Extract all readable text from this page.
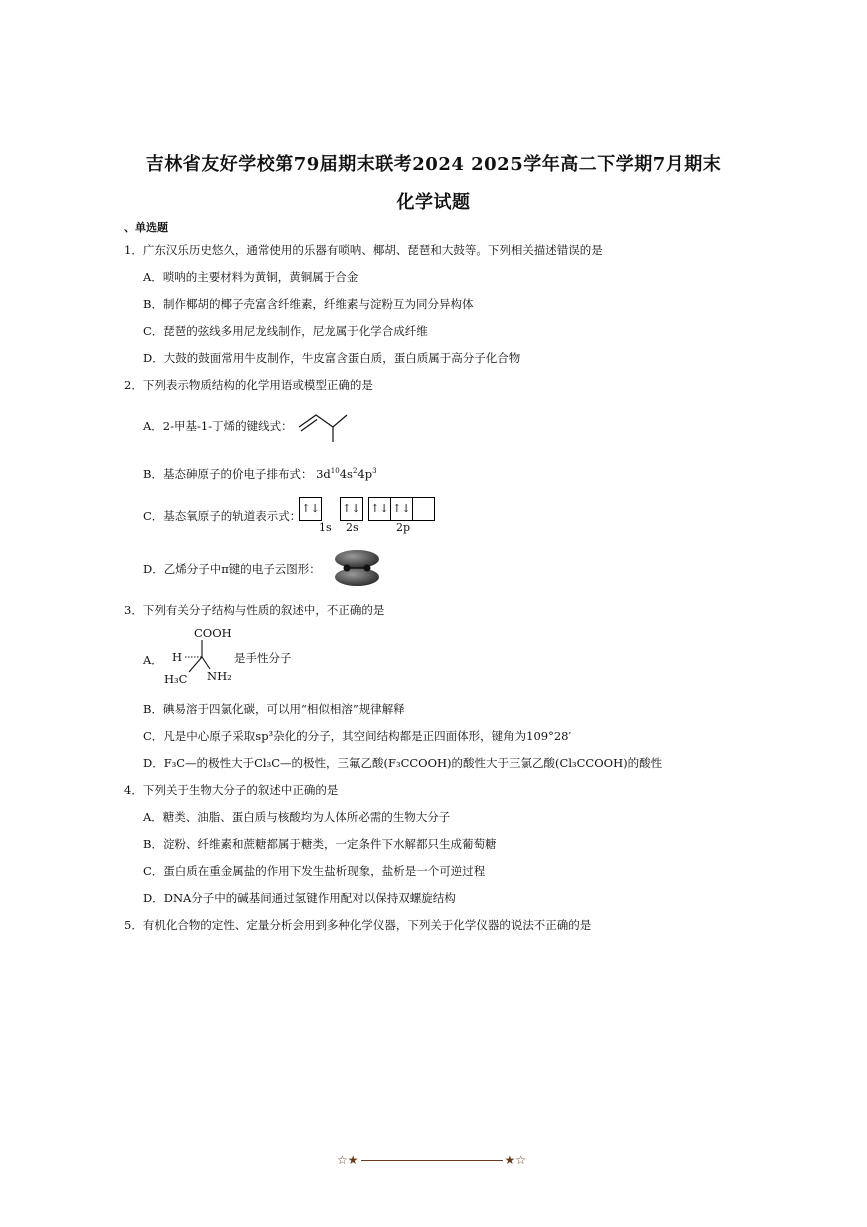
吉林省友好学校第79届期末联考2024 2025学年高二下学期7月期末
化学试题
、单选题
1．广东汉乐历史悠久，通常使用的乐器有唢呐、椰胡、琵琶和大鼓等。下列相关描述错误的是
A．唢呐的主要材料为黄铜，黄铜属于合金
B．制作椰胡的椰子壳富含纤维素，纤维素与淀粉互为同分异构体
C．琵琶的弦线多用尼龙线制作，尼龙属于化学合成纤维
D．大鼓的鼓面常用牛皮制作，牛皮富含蛋白质，蛋白质属于高分子化合物
2．下列表示物质结构的化学用语或模型正确的是
A．2-甲基-1-丁烯的键线式：
B．基态砷原子的价电子排布式： $3d^{10}4s^24p^3$
C．基态氧原子的轨道表示式：
↑↓ ↑↓ ↑↓ ↑↓
1s 2s	2p
D．乙烯分子中π键的电子云图形：
3．下列有关分子结构与性质的叙述中，不正确的是
A．
COOH
H
H₃C NH₂
是手性分子
B．碘易溶于四氯化碳，可以用“相似相溶”规律解释
C．凡是中心原子采取sp³杂化的分子，其空间结构都是正四面体形，键角为109°28′
D．F₃C—的极性大于Cl₃C—的极性，三氟乙酸(F₃CCOOH)的酸性大于三氯乙酸(Cl₃CCOOH)的酸性
4．下列关于生物大分子的叙述中正确的是
A．糖类、油脂、蛋白质与核酸均为人体所必需的生物大分子
B．淀粉、纤维素和蔗糖都属于糖类，一定条件下水解都只生成葡萄糖
C．蛋白质在重金属盐的作用下发生盐析现象，盐析是一个可逆过程
D．DNA分子中的碱基间通过氢键作用配对以保持双螺旋结构
5．有机化合物的定性、定量分析会用到多种化学仪器，下列关于化学仪器的说法不正确的是
☆★	★☆
